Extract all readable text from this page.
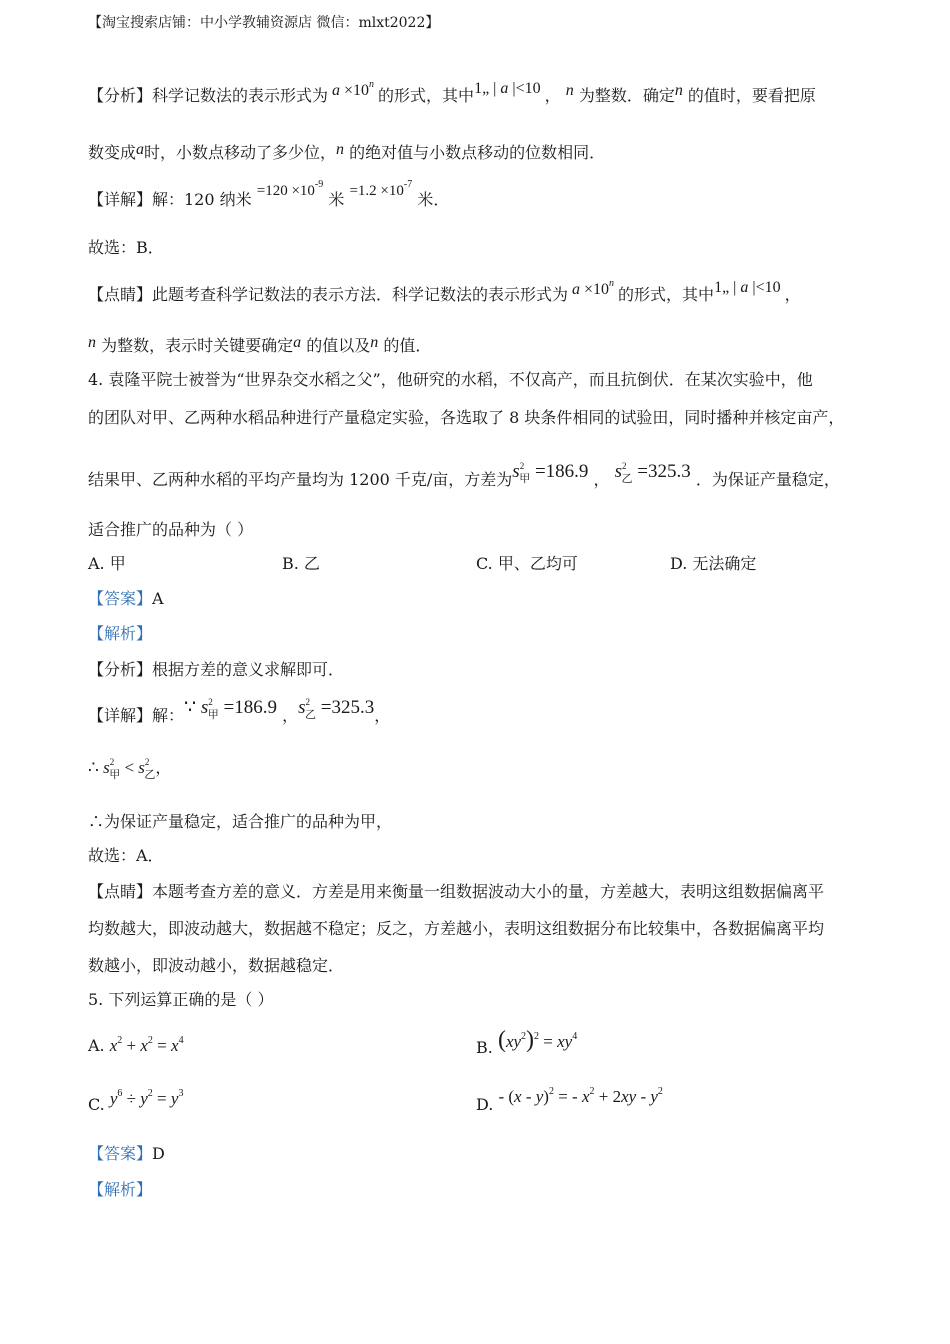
【淘宝搜索店铺：中小学教辅资源店 微信：mlxt2022】
【分析】科学记数法的表示形式为 $a \times 10^n$ 的形式，其中1„ | a |<10 ， n 为整数．确定n 的值时，要看把原
数变成a时，小数点移动了多少位，n 的绝对值与小数点移动的位数相同．
【详解】解：120 纳米 $=120 \times 10^{-9}$ 米 $=1.2 \times 10^{-7}$ 米．
故选：B．
【点睛】此题考查科学记数法的表示方法．科学记数法的表示形式为 $a \times 10^n$ 的形式，其中1„ | a |<10 ，
n 为整数，表示时关键要确定a 的值以及n 的值．
4. 袁隆平院士被誉为“世界杂交水稻之父”，他研究的水稻，不仅高产，而且抗倒伏．在某次实验中，他
的团队对甲、乙两种水稻品种进行产量稳定实验，各选取了 8 块条件相同的试验田，同时播种并核定亩产，
结果甲、乙两种水稻的平均产量均为 1200 千克/亩，方差为$s^2_甲 =186.9$ ， $s^2_乙 =325.3$ ．为保证产量稳定，
适合推广的品种为（ ）
A. 甲	B. 乙	C. 甲、乙均可	D. 无法确定
【答案】A
【解析】
【分析】根据方差的意义求解即可．
【详解】解：∵ $s^2_甲 =186.9$ ，$s^2_乙 =325.3$，
∴ $s^2_甲 < s^2_乙$，
∴为保证产量稳定，适合推广的品种为甲，
故选：A．
【点睛】本题考查方差的意义．方差是用来衡量一组数据波动大小的量，方差越大，表明这组数据偏离平
均数越大，即波动越大，数据越不稳定；反之，方差越小，表明这组数据分布比较集中，各数据偏离平均
数越小，即波动越小，数据越稳定．
5. 下列运算正确的是（ ）
A. $x^2 + x^2 = x^4$	B. $(xy^2)^2 = xy^4$
C. $y^6 \div y^2 = y^3$
D. - (x - y)$^2$ = - $x^2 + 2xy - y^2$
【答案】D
【解析】
